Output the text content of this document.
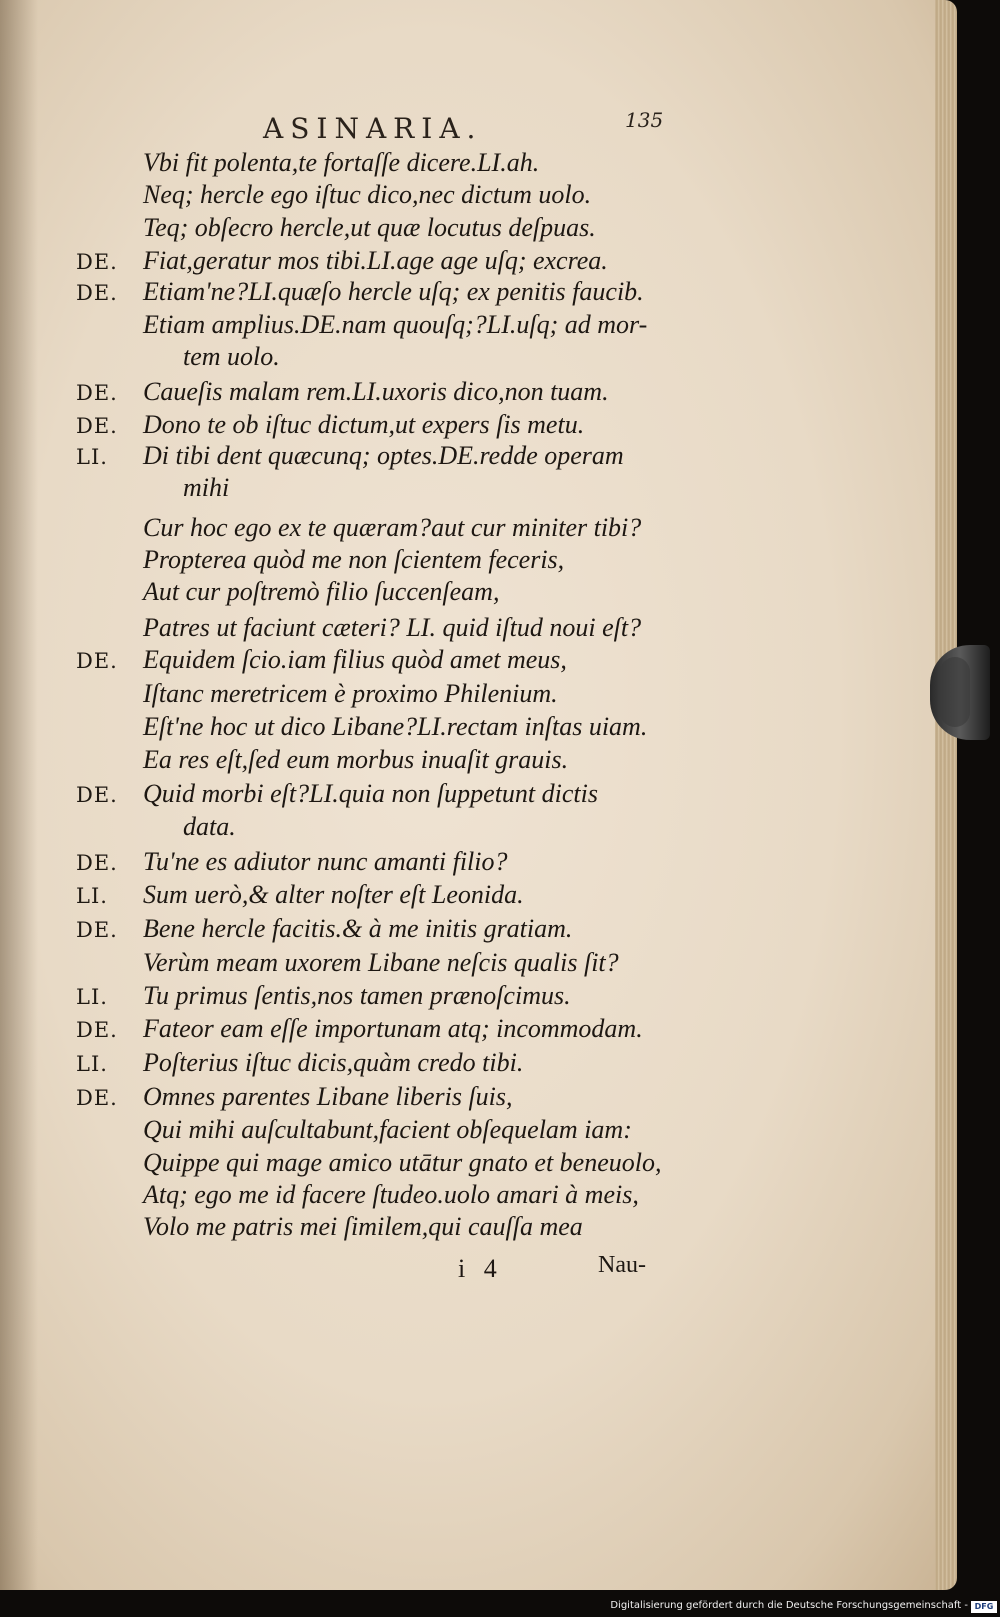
ASINARIA.	135
Vbi fit polenta,te fortaſſe dicere.LI.ah.
Neq; hercle ego iſtuc dico,nec dictum uolo.
Teq; obſecro hercle,ut quæ locutus deſpuas.
DE. Fiat,geratur mos tibi.LI.age age uſq; excrea.
DE. Etiam'ne?LI.quæſo hercle uſq; ex penitis faucib.
Etiam amplius.DE.nam quouſq;?LI.uſq; ad mor-
tem uolo.
DE. Caueſis malam rem.LI.uxoris dico,non tuam.
DE. Dono te ob iſtuc dictum,ut expers ſis metu.
LI. Di tibi dent quæcunq; optes.DE.redde operam
mihi
Cur hoc ego ex te quæram?aut cur miniter tibi?
Propterea quòd me non ſcientem feceris,
Aut cur poſtremò filio ſuccenſeam,
Patres ut faciunt cæteri? LI. quid iſtud noui eſt?
DE. Equidem ſcio.iam filius quòd amet meus,
Iſtanc meretricem è proximo Philenium.
Eſt'ne hoc ut dico Libane?LI.rectam inſtas uiam.
Ea res eſt,ſed eum morbus inuaſit grauis.
DE. Quid morbi eſt?LI.quia non ſuppetunt dictis
data.
DE. Tu'ne es adiutor nunc amanti filio?
LI. Sum uerò,& alter noſter eſt Leonida.
DE. Bene hercle facitis.& à me initis gratiam.
Verùm meam uxorem Libane neſcis qualis ſit?
LI. Tu primus ſentis,nos tamen prænoſcimus.
DE. Fateor eam eſſe importunam atq; incommodam.
LI. Poſterius iſtuc dicis,quàm credo tibi.
DE. Omnes parentes Libane liberis ſuis,
Qui mihi auſcultabunt,facient obſequelam iam:
Quippe qui mage amico utātur gnato et beneuolo,
Atq; ego me id facere ſtudeo.uolo amari à meis,
Volo me patris mei ſimilem,qui cauſſa mea
i 4	Nau-
Digitalisierung gefördert durch die Deutsche Forschungsgemeinschaft - DFG
